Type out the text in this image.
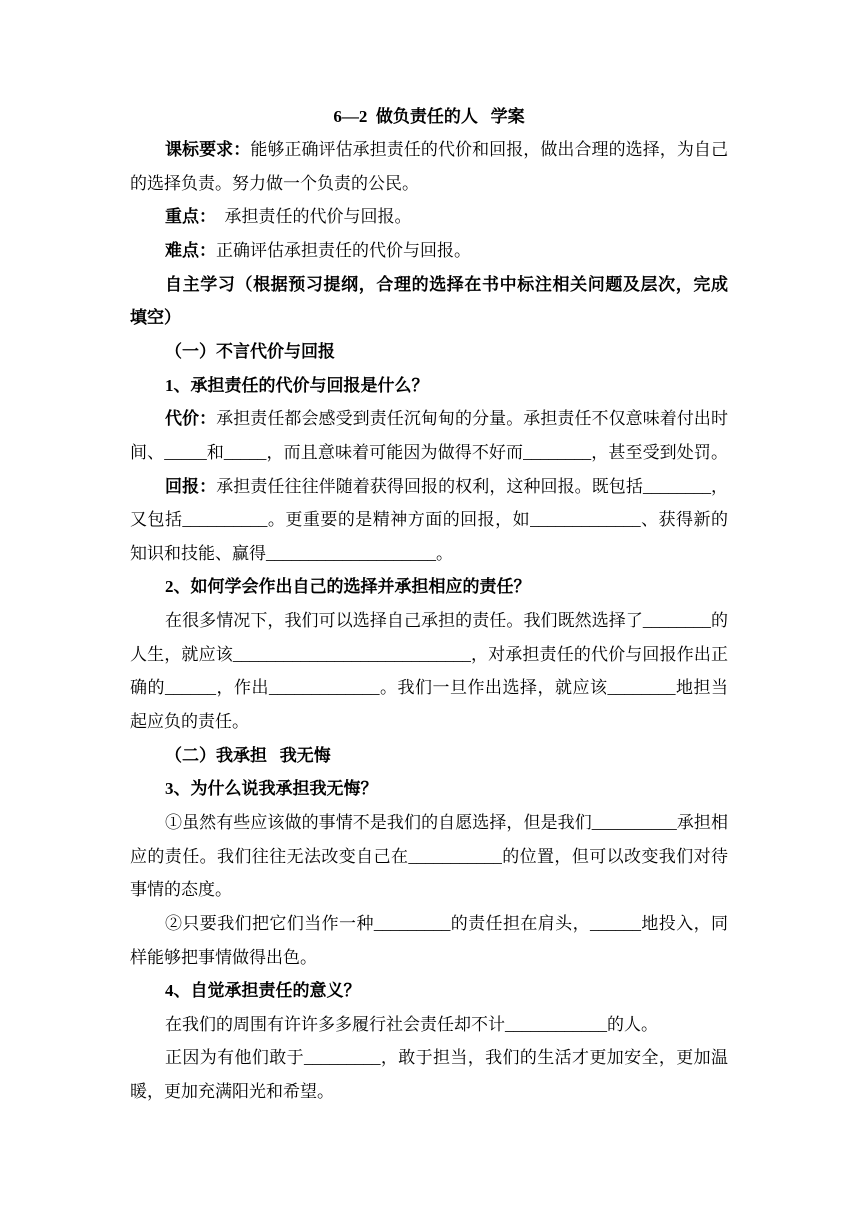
6—2  做负责任的人   学案
课标要求：能够正确评估承担责任的代价和回报，做出合理的选择，为自己
的选择负责。努力做一个负责的公民。
重点：  承担责任的代价与回报。
难点：正确评估承担责任的代价与回报。
自主学习（根据预习提纲，合理的选择在书中标注相关问题及层次，完成
填空）
（一）不言代价与回报
1、承担责任的代价与回报是什么？
代价：承担责任都会感受到责任沉甸甸的分量。承担责任不仅意味着付出时
间、_____和_____，而且意味着可能因为做得不好而________，甚至受到处罚。
回报：承担责任往往伴随着获得回报的权利，这种回报。既包括________，
又包括__________。更重要的是精神方面的回报，如_____________、获得新的
知识和技能、赢得____________________。
2、如何学会作出自己的选择并承担相应的责任？
在很多情况下，我们可以选择自己承担的责任。我们既然选择了________的
人生，就应该____________________________，对承担责任的代价与回报作出正
确的______，作出_____________。我们一旦作出选择，就应该________地担当
起应负的责任。
（二）我承担   我无悔
3、为什么说我承担我无悔？
①虽然有些应该做的事情不是我们的自愿选择，但是我们__________承担相
应的责任。我们往往无法改变自己在___________的位置，但可以改变我们对待
事情的态度。
②只要我们把它们当作一种_________的责任担在肩头，______地投入，同
样能够把事情做得出色。
4、自觉承担责任的意义？
在我们的周围有许许多多履行社会责任却不计____________的人。
正因为有他们敢于_________，敢于担当，我们的生活才更加安全，更加温
暖，更加充满阳光和希望。
